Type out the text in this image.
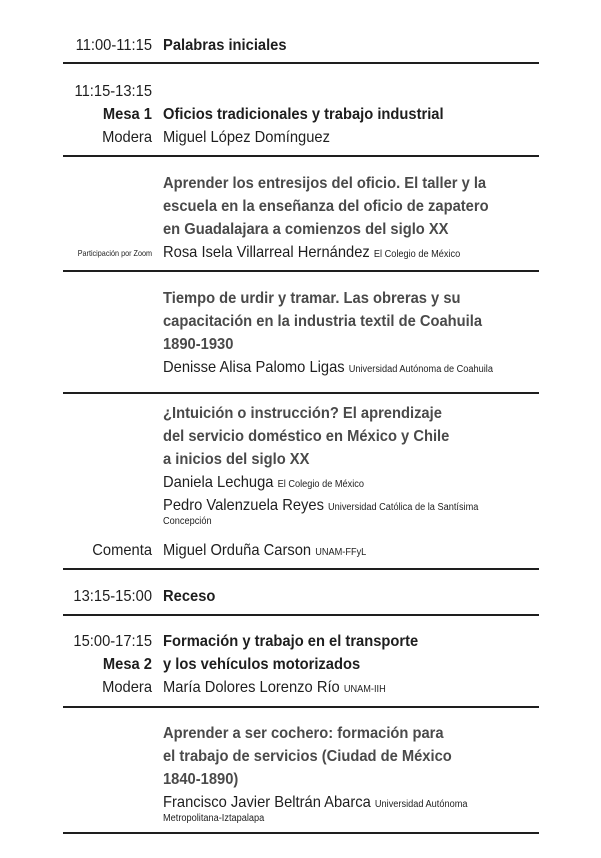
11:00-11:15 Palabras iniciales
11:15-13:15
Mesa 1 Oficios tradicionales y trabajo industrial
Modera Miguel López Domínguez
Aprender los entresijos del oficio. El taller y la
escuela en la enseñanza del oficio de zapatero
en Guadalajara a comienzos del siglo XX
Participación por Zoom Rosa Isela Villarreal Hernández El Colegio de México
Tiempo de urdir y tramar. Las obreras y su
capacitación en la industria textil de Coahuila
1890-1930
Denisse Alisa Palomo Ligas Universidad Autónoma de Coahuila
¿Intuición o instrucción? El aprendizaje
del servicio doméstico en México y Chile
a inicios del siglo XX
Daniela Lechuga El Colegio de México
Pedro Valenzuela Reyes Universidad Católica de la Santísima
Concepción
Comenta Miguel Orduña Carson UNAM-FFyL
13:15-15:00 Receso
15:00-17:15 Formación y trabajo en el transporte
Mesa 2 y los vehículos motorizados
Modera María Dolores Lorenzo Río UNAM-IIH
Aprender a ser cochero: formación para
el trabajo de servicios (Ciudad de México
1840-1890)
Francisco Javier Beltrán Abarca Universidad Autónoma
Metropolitana-Iztapalapa
